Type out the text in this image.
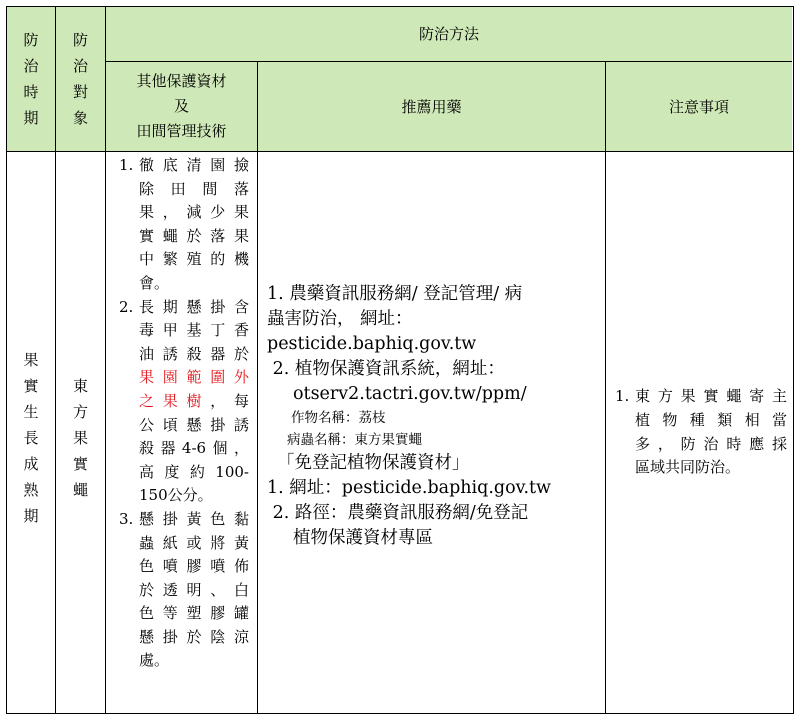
防治時期
防治對象
防治方法
其他保護資材
及
田間管理技術
推薦用藥	注意事項
果實生長成熟期
東方果實蠅
1. 徹底清園撿
除田間落
果，減少果
實蠅於落果
中繁殖的機
會。
2. 長期懸掛含
毒甲基丁香
油誘殺器於
果園範圍外
之果樹，每
公頃懸掛誘
殺器4-6個，
高度約100-
150公分。
3. 懸掛黃色黏
蟲紙或將黃
色噴膠噴佈
於透明、白
色等塑膠罐
懸掛於陰涼
處。
1. 農藥資訊服務網/ 登記管理/ 病
蟲害防治， 網址：
pesticide.baphiq.gov.tw
2. 植物保護資訊系統，網址：
otserv2.tactri.gov.tw/ppm/
作物名稱：荔枝
病蟲名稱：東方果實蠅
「免登記植物保護資材」
1. 網址：pesticide.baphiq.gov.tw
2. 路徑：農藥資訊服務網/免登記
植物保護資材專區
1. 東方果實蠅寄主
植物種類相當
多，防治時應採
區域共同防治。
